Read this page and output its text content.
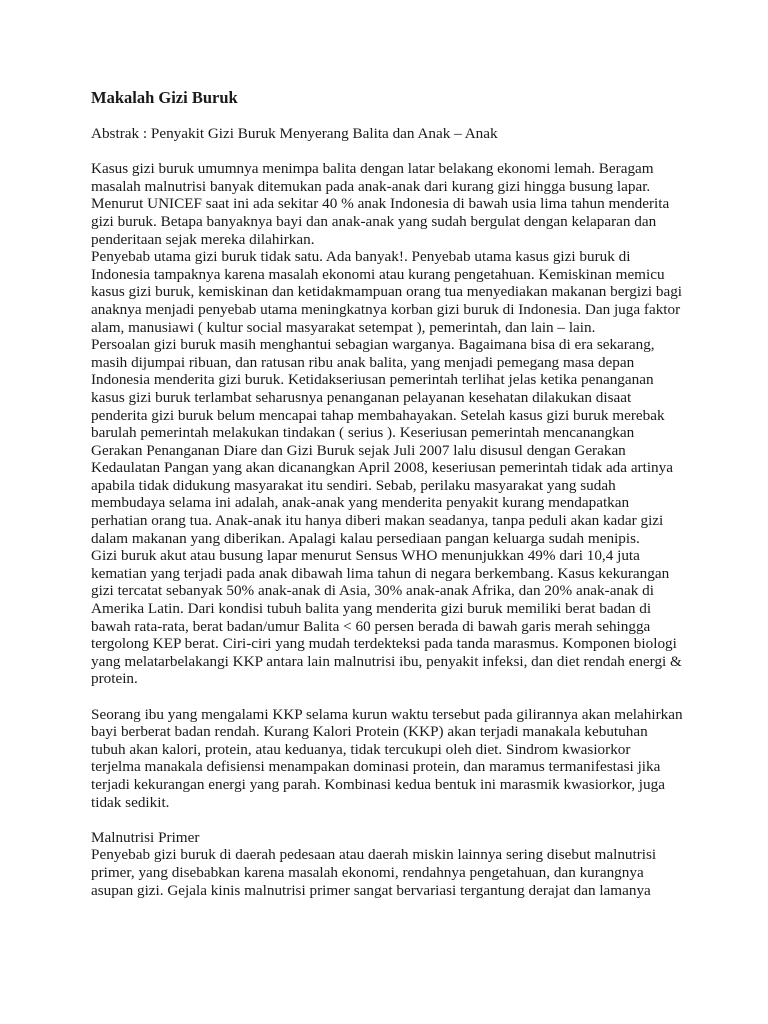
Makalah Gizi Buruk

Abstrak : Penyakit Gizi Buruk Menyerang Balita dan Anak – Anak

Kasus gizi buruk umumnya menimpa balita dengan latar belakang ekonomi lemah. Beragam
masalah malnutrisi banyak ditemukan pada anak-anak dari kurang gizi hingga busung lapar.
Menurut UNICEF saat ini ada sekitar 40 % anak Indonesia di bawah usia lima tahun menderita
gizi buruk. Betapa banyaknya bayi dan anak-anak yang sudah bergulat dengan kelaparan dan
penderitaan sejak mereka dilahirkan.

Penyebab utama gizi buruk tidak satu. Ada banyak!. Penyebab utama kasus gizi buruk di
Indonesia tampaknya karena masalah ekonomi atau kurang pengetahuan. Kemiskinan memicu
kasus gizi buruk, kemiskinan dan ketidakmampuan orang tua menyediakan makanan bergizi bagi
anaknya menjadi penyebab utama meningkatnya korban gizi buruk di Indonesia. Dan juga faktor
alam, manusiawi ( kultur social masyarakat setempat ), pemerintah, dan lain – lain.

Persoalan gizi buruk masih menghantui sebagian warganya. Bagaimana bisa di era sekarang,
masih dijumpai ribuan, dan ratusan ribu anak balita, yang menjadi pemegang masa depan
Indonesia menderita gizi buruk. Ketidakseriusan pemerintah terlihat jelas ketika penanganan
kasus gizi buruk terlambat seharusnya penanganan pelayanan kesehatan dilakukan disaat
penderita gizi buruk belum mencapai tahap membahayakan. Setelah kasus gizi buruk merebak
barulah pemerintah melakukan tindakan ( serius ). Keseriusan pemerintah mencanangkan
Gerakan Penanganan Diare dan Gizi Buruk sejak Juli 2007 lalu disusul dengan Gerakan
Kedaulatan Pangan yang akan dicanangkan April 2008, keseriusan pemerintah tidak ada artinya
apabila tidak didukung masyarakat itu sendiri. Sebab, perilaku masyarakat yang sudah
membudaya selama ini adalah, anak-anak yang menderita penyakit kurang mendapatkan
perhatian orang tua. Anak-anak itu hanya diberi makan seadanya, tanpa peduli akan kadar gizi
dalam makanan yang diberikan. Apalagi kalau persediaan pangan keluarga sudah menipis.

Gizi buruk akut atau busung lapar menurut Sensus WHO menunjukkan 49% dari 10,4 juta
kematian yang terjadi pada anak dibawah lima tahun di negara berkembang. Kasus kekurangan
gizi tercatat sebanyak 50% anak-anak di Asia, 30% anak-anak Afrika, dan 20% anak-anak di
Amerika Latin. Dari kondisi tubuh balita yang menderita gizi buruk memiliki berat badan di
bawah rata-rata, berat badan/umur Balita < 60 persen berada di bawah garis merah sehingga
tergolong KEP berat. Ciri-ciri yang mudah terdekteksi pada tanda marasmus. Komponen biologi
yang melatarbelakangi KKP antara lain malnutrisi ibu, penyakit infeksi, dan diet rendah energi &
protein.

Seorang ibu yang mengalami KKP selama kurun waktu tersebut pada gilirannya akan melahirkan
bayi berberat badan rendah. Kurang Kalori Protein (KKP) akan terjadi manakala kebutuhan
tubuh akan kalori, protein, atau keduanya, tidak tercukupi oleh diet. Sindrom kwasiorkor
terjelma manakala defisiensi menampakan dominasi protein, dan maramus termanifestasi jika
terjadi kekurangan energi yang parah. Kombinasi kedua bentuk ini marasmik kwasiorkor, juga
tidak sedikit.

Malnutrisi Primer

Penyebab gizi buruk di daerah pedesaan atau daerah miskin lainnya sering disebut malnutrisi
primer, yang disebabkan karena masalah ekonomi, rendahnya pengetahuan, dan kurangnya
asupan gizi. Gejala kinis malnutrisi primer sangat bervariasi tergantung derajat dan lamanya
